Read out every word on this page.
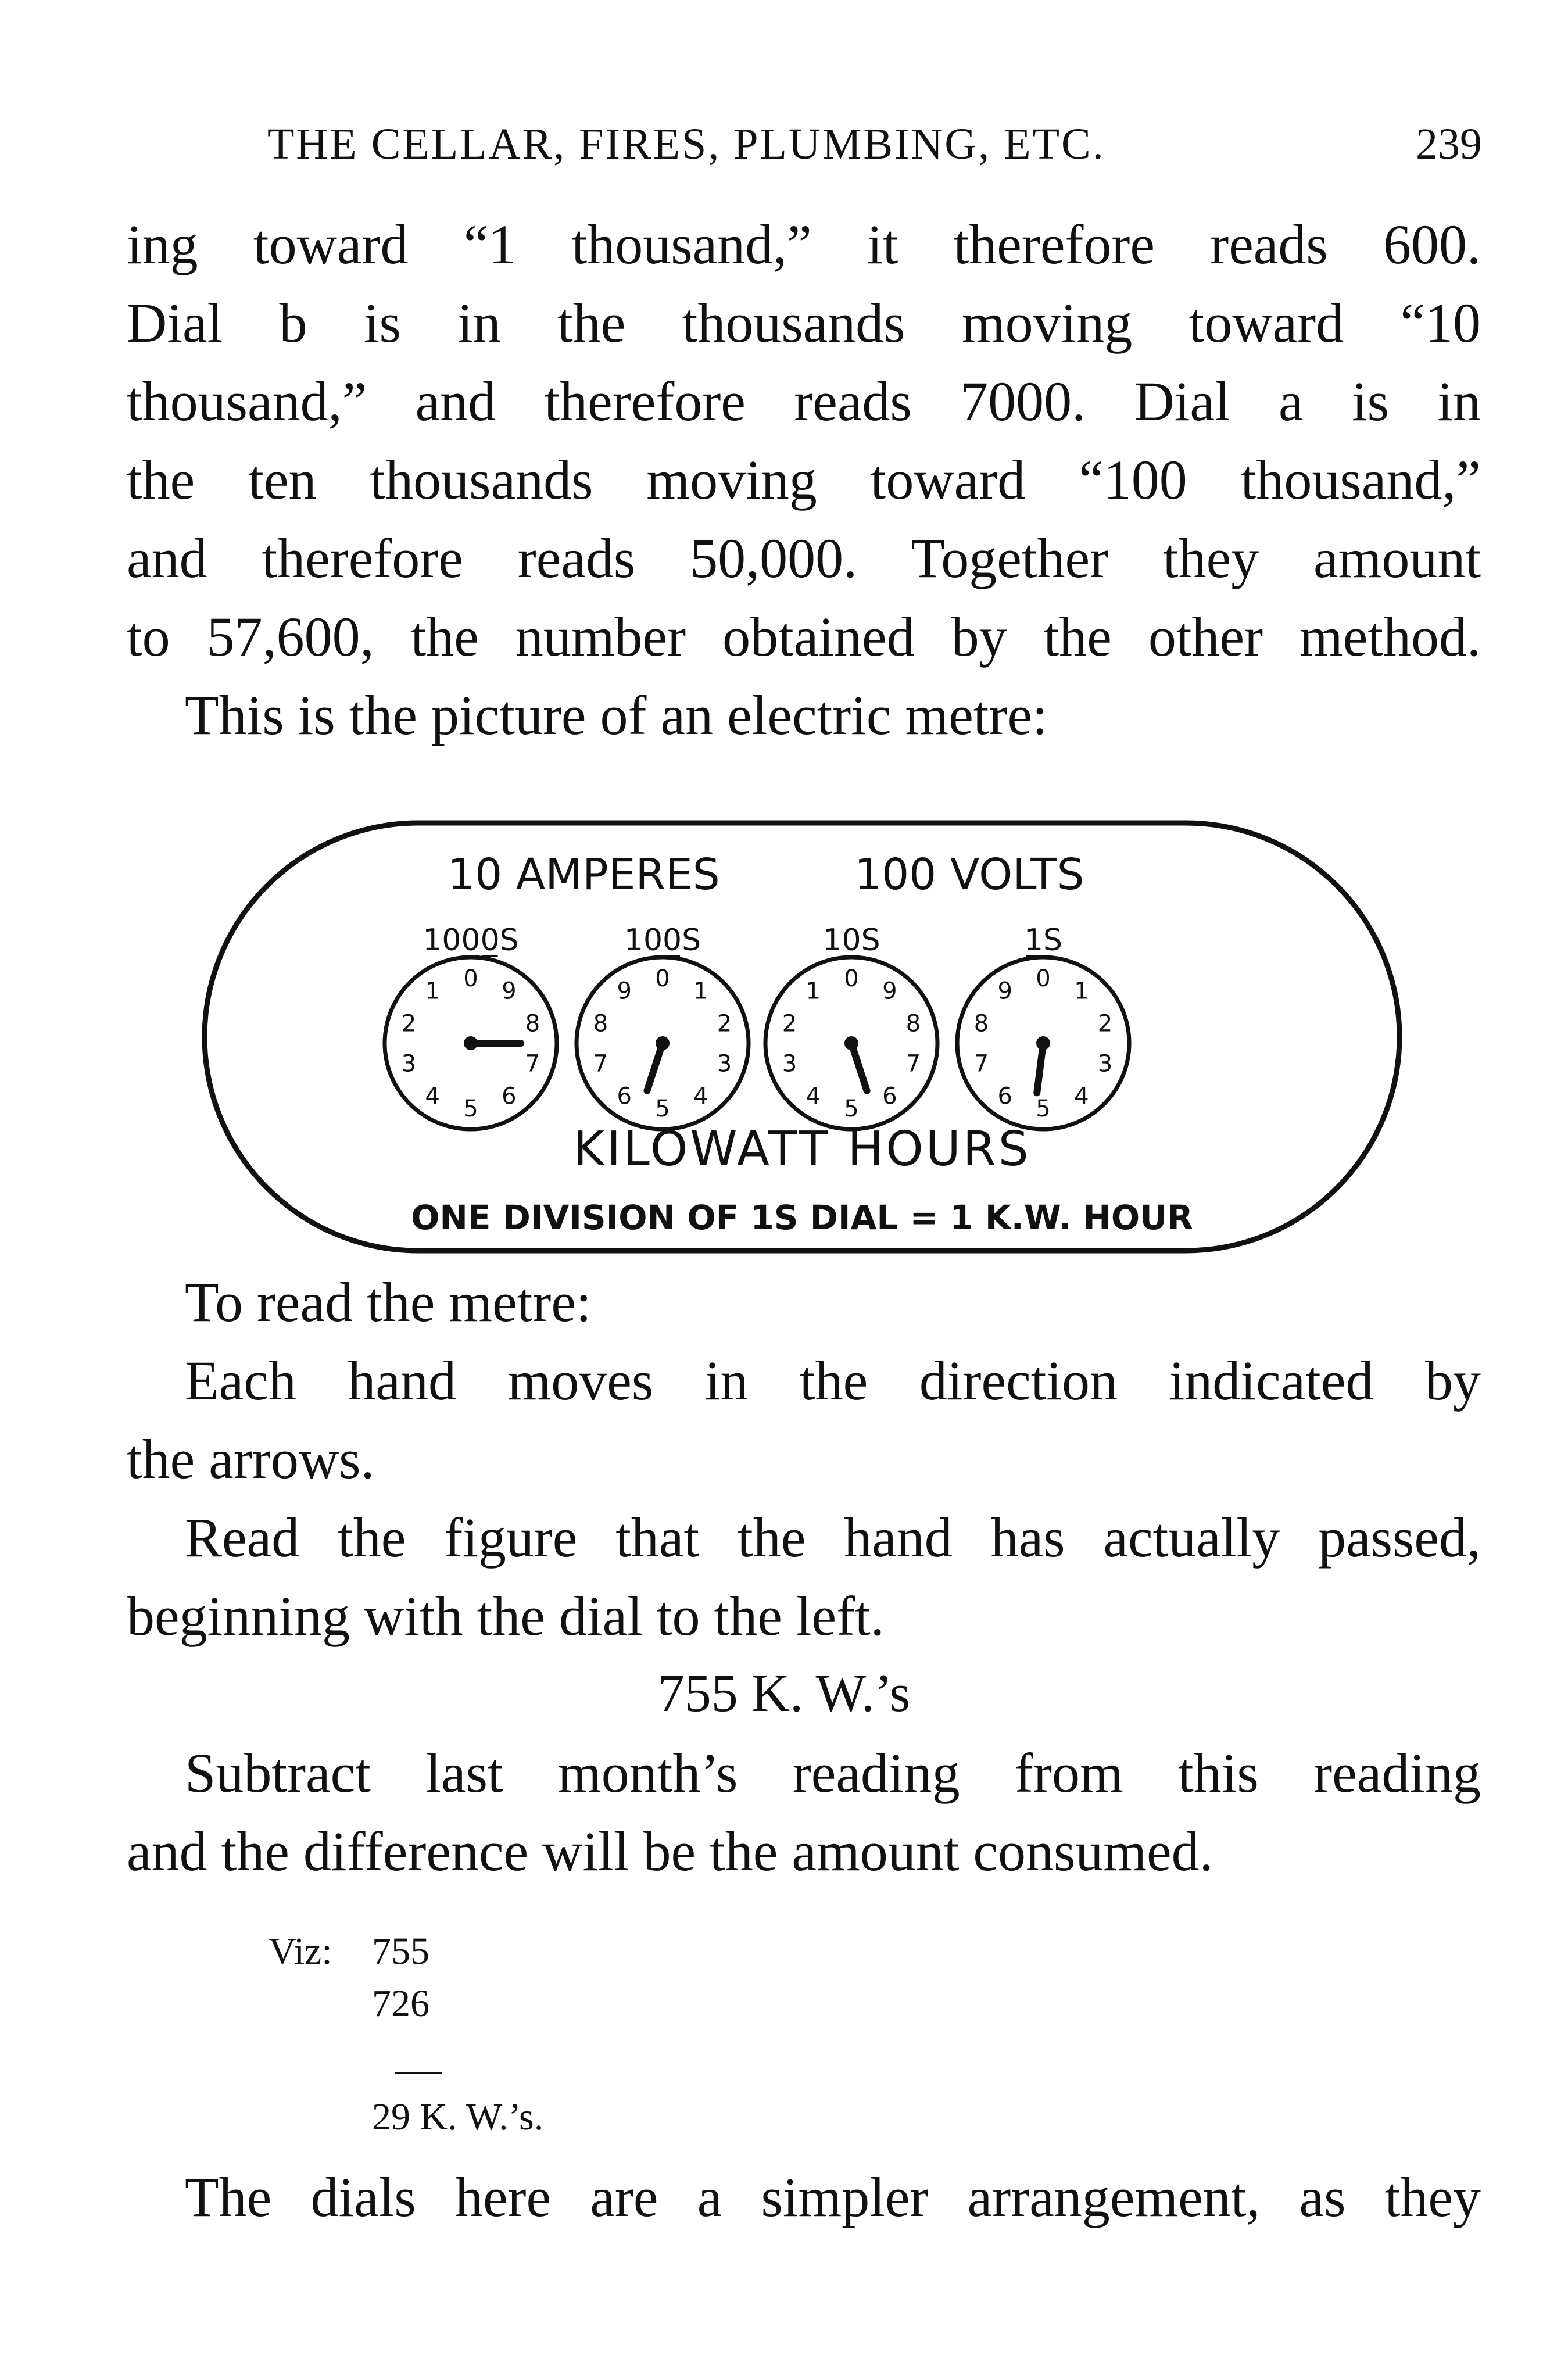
THE CELLAR, FIRES, PLUMBING, ETC.	239
ing toward “1 thousand,” it therefore reads 600.
Dial b is in the thousands moving toward “10
thousand,” and therefore reads 7000. Dial a is in
the ten thousands moving toward “100 thousand,”
and therefore reads 50,000. Together they amount
to 57,600, the number obtained by the other method.
This is the picture of an electric metre:
10 AMPERES	100 VOLTS
1000̲S	100̲S	10̲S	1̲S
0 9
8
7
6
5
4
3
2
1	0 1
2
3
4
5
6
7
8
9	0 9
8
7
6
5
4
3
2
1	0 1
2
3
4
5
6
7
8
9
KILOWATT HOURS
ONE DIVISION OF 1S DIAL = 1 K.W. HOUR
To read the metre:
Each hand moves in the direction indicated by
the arrows.
Read the figure that the hand has actually passed,
beginning with the dial to the left.
755 K. W.’s
Subtract last month’s reading from this reading
and the difference will be the amount consumed.
Viz: 755
726
29 K. W.’s.
The dials here are a simpler arrangement, as they
